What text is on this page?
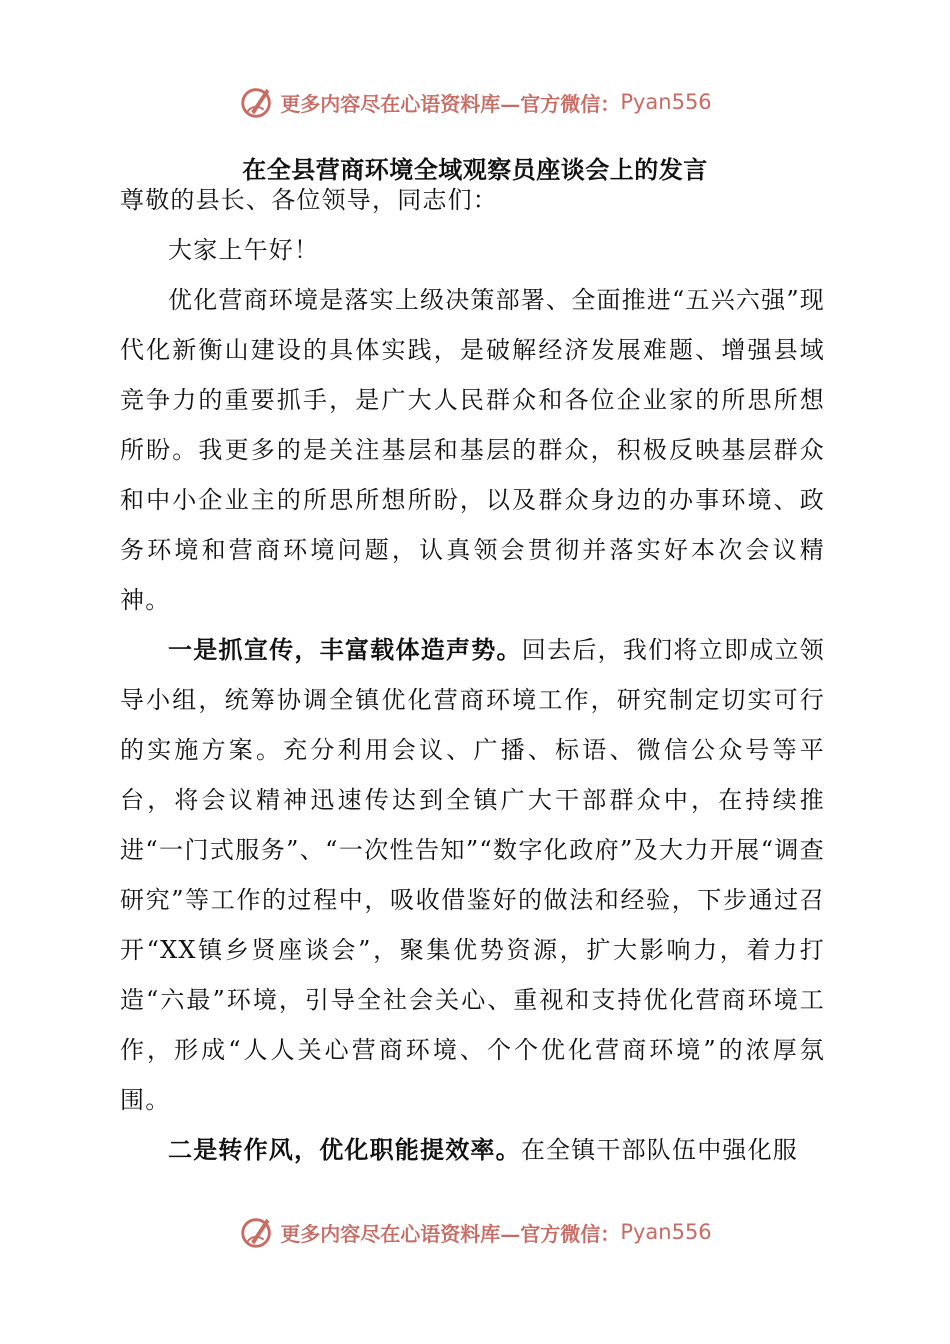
更多内容尽在心语资料库—官方微信： Pyan556
在全县营商环境全域观察员座谈会上的发言

尊敬的县长、各位领导，同志们：

大家上午好！

优化营商环境是落实上级决策部署、全面推进“五兴六强”现代化新衡山建设的具体实践，是破解经济发展难题、增强县域竞争力的重要抓手，是广大人民群众和各位企业家的所思所想所盼。我更多的是关注基层和基层的群众，积极反映基层群众和中小企业主的所思所想所盼，以及群众身边的办事环境、政务环境和营商环境问题，认真领会贯彻并落实好本次会议精神。

一是抓宣传，丰富载体造声势。回去后，我们将立即成立领导小组，统筹协调全镇优化营商环境工作，研究制定切实可行的实施方案。充分利用会议、广播、标语、微信公众号等平台，将会议精神迅速传达到全镇广大干部群众中，在持续推进“一门式服务”、“一次性告知”“数字化政府”及大力开展“调查研究”等工作的过程中，吸收借鉴好的做法和经验，下步通过召开“XX镇乡贤座谈会”，聚集优势资源，扩大影响力，着力打造“六最”环境，引导全社会关心、重视和支持优化营商环境工作，形成“人人关心营商环境、个个优化营商环境”的浓厚氛围。

二是转作风，优化职能提效率。在全镇干部队伍中强化服

更多内容尽在心语资料库—官方微信： Pyan556
